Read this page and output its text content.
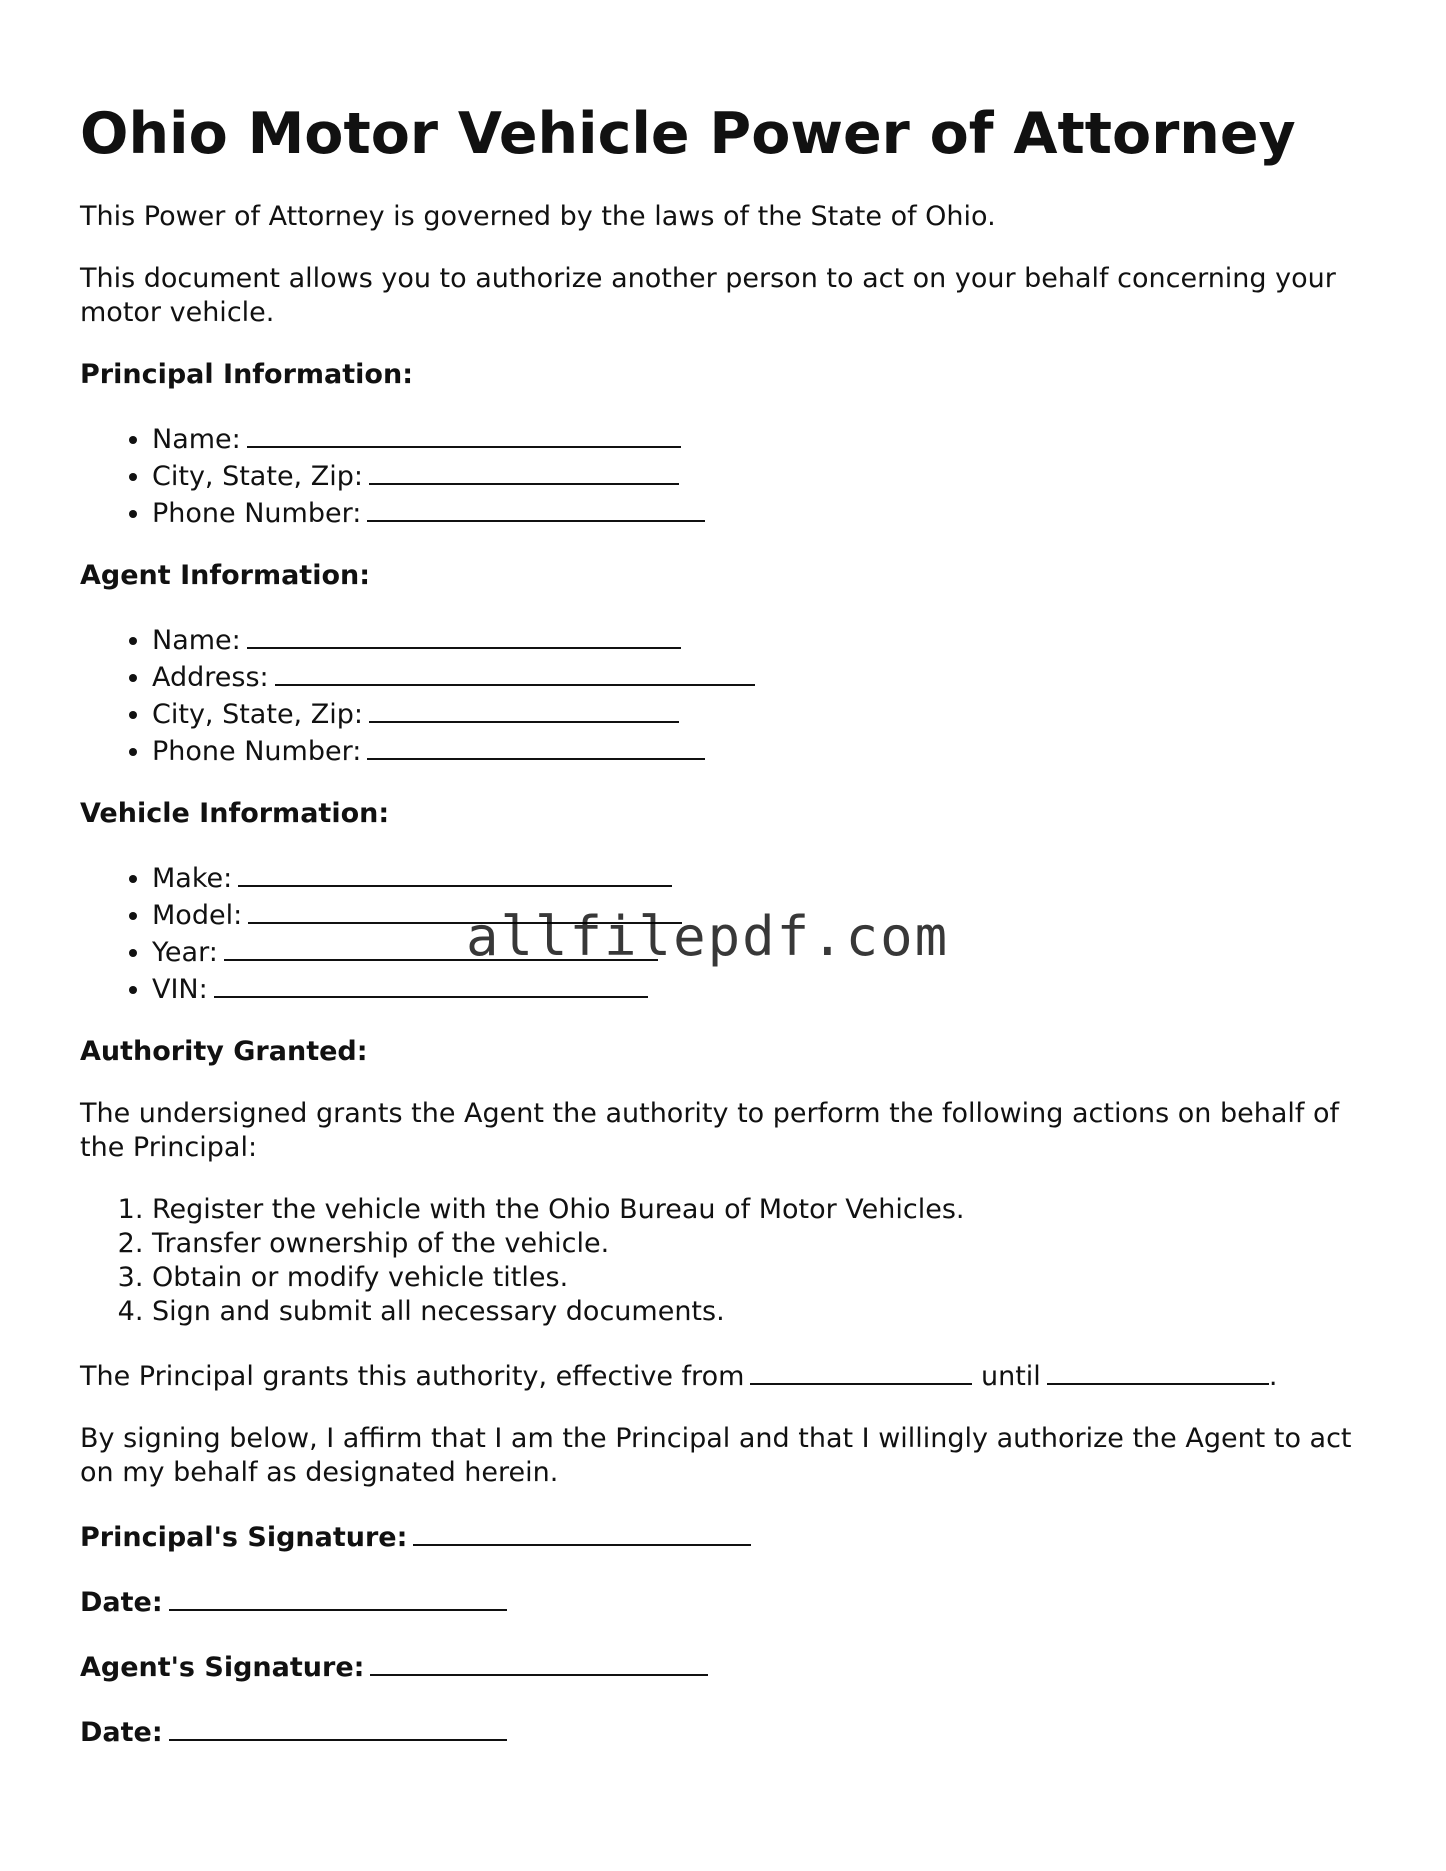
Ohio Motor Vehicle Power of Attorney

This Power of Attorney is governed by the laws of the State of Ohio.

This document allows you to authorize another person to act on your behalf concerning your motor vehicle.

Principal Information:
• Name:
• City, State, Zip:
• Phone Number:
Agent Information:
• Name:
• Address:
• City, State, Zip:
• Phone Number:
Vehicle Information:
• Make:
• Model:
• Year:
• VIN:
Authority Granted:

The undersigned grants the Agent the authority to perform the following actions on behalf of the Principal:

1. Register the vehicle with the Ohio Bureau of Motor Vehicles.
2. Transfer ownership of the vehicle.
3. Obtain or modify vehicle titles.
4. Sign and submit all necessary documents.

The Principal grants this authority, effective from	until	.

By signing below, I affirm that I am the Principal and that I willingly authorize the Agent to act on my behalf as designated herein.

Principal's Signature:
Date:
Agent's Signature:
Date:
allfilepdf.com
